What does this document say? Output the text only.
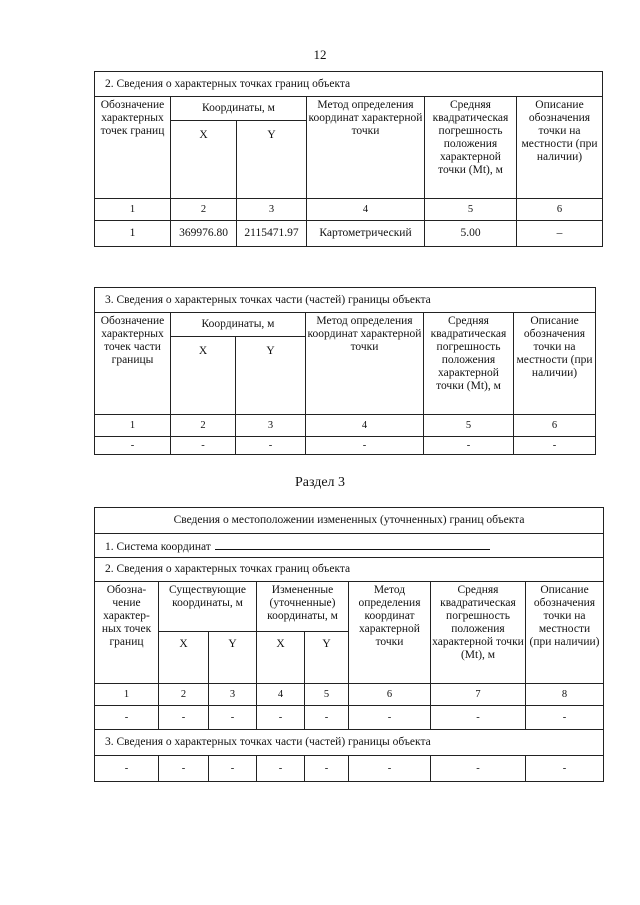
12
2. Сведения о характерных точках границ объекта					
Обозначение характерных точек границ	Координаты, м		Метод определения координат характерной точки	Средняя квадратическая погрешность положения характерной точки (Mt), м	Описание обозначения точки на местности (при наличии)
	X	Y			
1	2	3	4	5	6
1	369976.80	2115471.97	Картометрический	5.00	–
3. Сведения о характерных точках части (частей) границы объекта					
Обозначение характерных точек части границы	Координаты, м		Метод определения координат характерной точки	Средняя квадратическая погрешность положения характерной точки (Mt), м	Описание обозначения точки на местности (при наличии)
	X	Y			
1	2	3	4	5	6
-	-	-	-	-	-
Раздел 3
Сведения о местоположении измененных (уточненных) границ объекта							
1. Система координат							
2. Сведения о характерных точках границ объекта							
Обозна-чение характер-ных точек границ	Существующие координаты, м		Измененные (уточненные) координаты, м		Метод определения координат характерной точки	Средняя квадратическая погрешность положения характерной точки (Mt), м	Описание обозначения точки на местности (при наличии)
	X	Y	X	Y			
1	2	3	4	5	6	7	8
-	-	-	-	-	-	-	-
3. Сведения о характерных точках части (частей) границы объекта							
-	-	-	-	-	-	-	-
